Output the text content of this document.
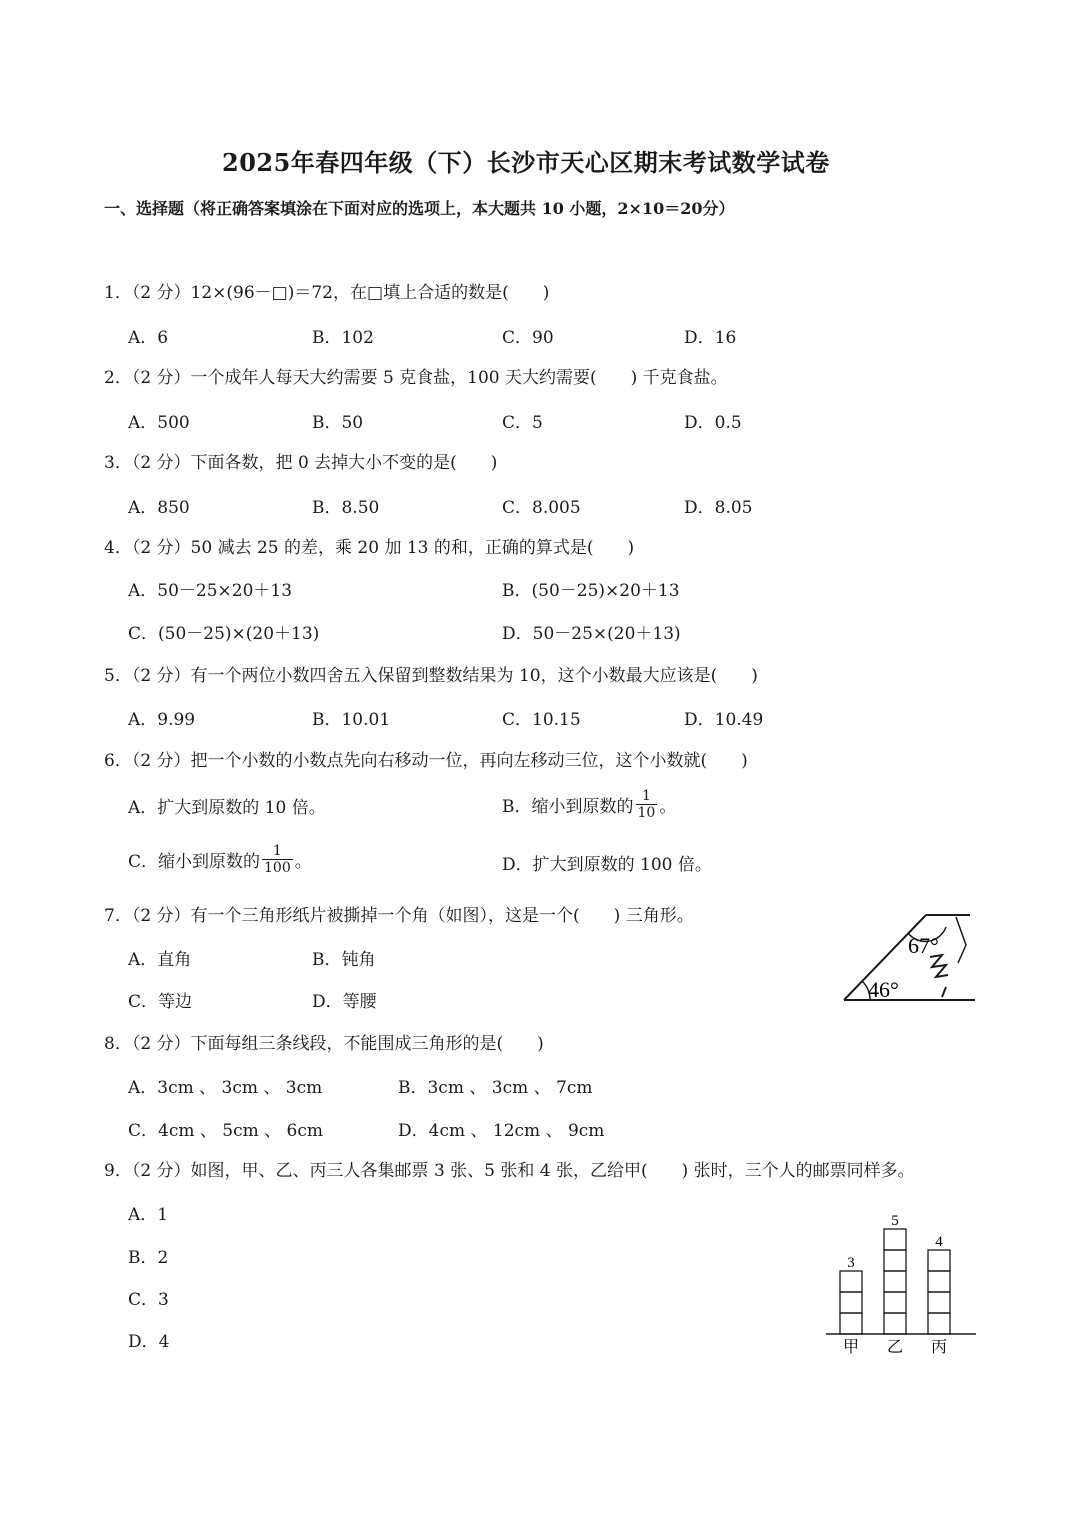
2025年春四年级（下）长沙市天心区期末考试数学试卷
一、选择题（将正确答案填涂在下面对应的选项上，本大题共 10 小题，2×10＝20分）
1．（2 分）12×(96－□)＝72，在□填上合适的数是(　　)
A．6	B．102	C．90	D．16
2．（2 分）一个成年人每天大约需要 5 克食盐，100 天大约需要(　　) 千克食盐。
A．500	B．50	C．5	D．0.5
3．（2 分）下面各数，把 0 去掉大小不变的是(　　)
A．850	B．8.50	C．8.005	D．8.05
4．（2 分）50 减去 25 的差，乘 20 加 13 的和，正确的算式是(　　)
A．50－25×20＋13	B．(50－25)×20＋13
C．(50－25)×(20＋13)	D．50－25×(20＋13)
5．（2 分）有一个两位小数四舍五入保留到整数结果为 10，这个小数最大应该是(　　)
A．9.99	B．10.01	C．10.15	D．10.49
6．（2 分）把一个小数的小数点先向右移动一位，再向左移动三位，这个小数就(　　)
A．扩大到原数的 10 倍。	B．缩小到原数的 $\frac{1}{10}$ 。
C．缩小到原数的 $\frac{1}{100}$ 。	D．扩大到原数的 100 倍。
7．（2 分）有一个三角形纸片被撕掉一个角（如图），这是一个(　　) 三角形。
A．直角	B．钝角
C．等边	D．等腰
67°
46°
8．（2 分）下面每组三条线段，不能围成三角形的是(　　)
A．3cm 、 3cm 、 3cm	B．3cm 、 3cm 、 7cm
C．4cm 、 5cm 、 6cm	D．4cm 、 12cm 、 9cm
9．（2 分）如图，甲、乙、丙三人各集邮票 3 张、5 张和 4 张，乙给甲(　　) 张时，三个人的邮票同样多。
A．1
B．2
C．3
D．4
3
甲
5
乙
4
丙
